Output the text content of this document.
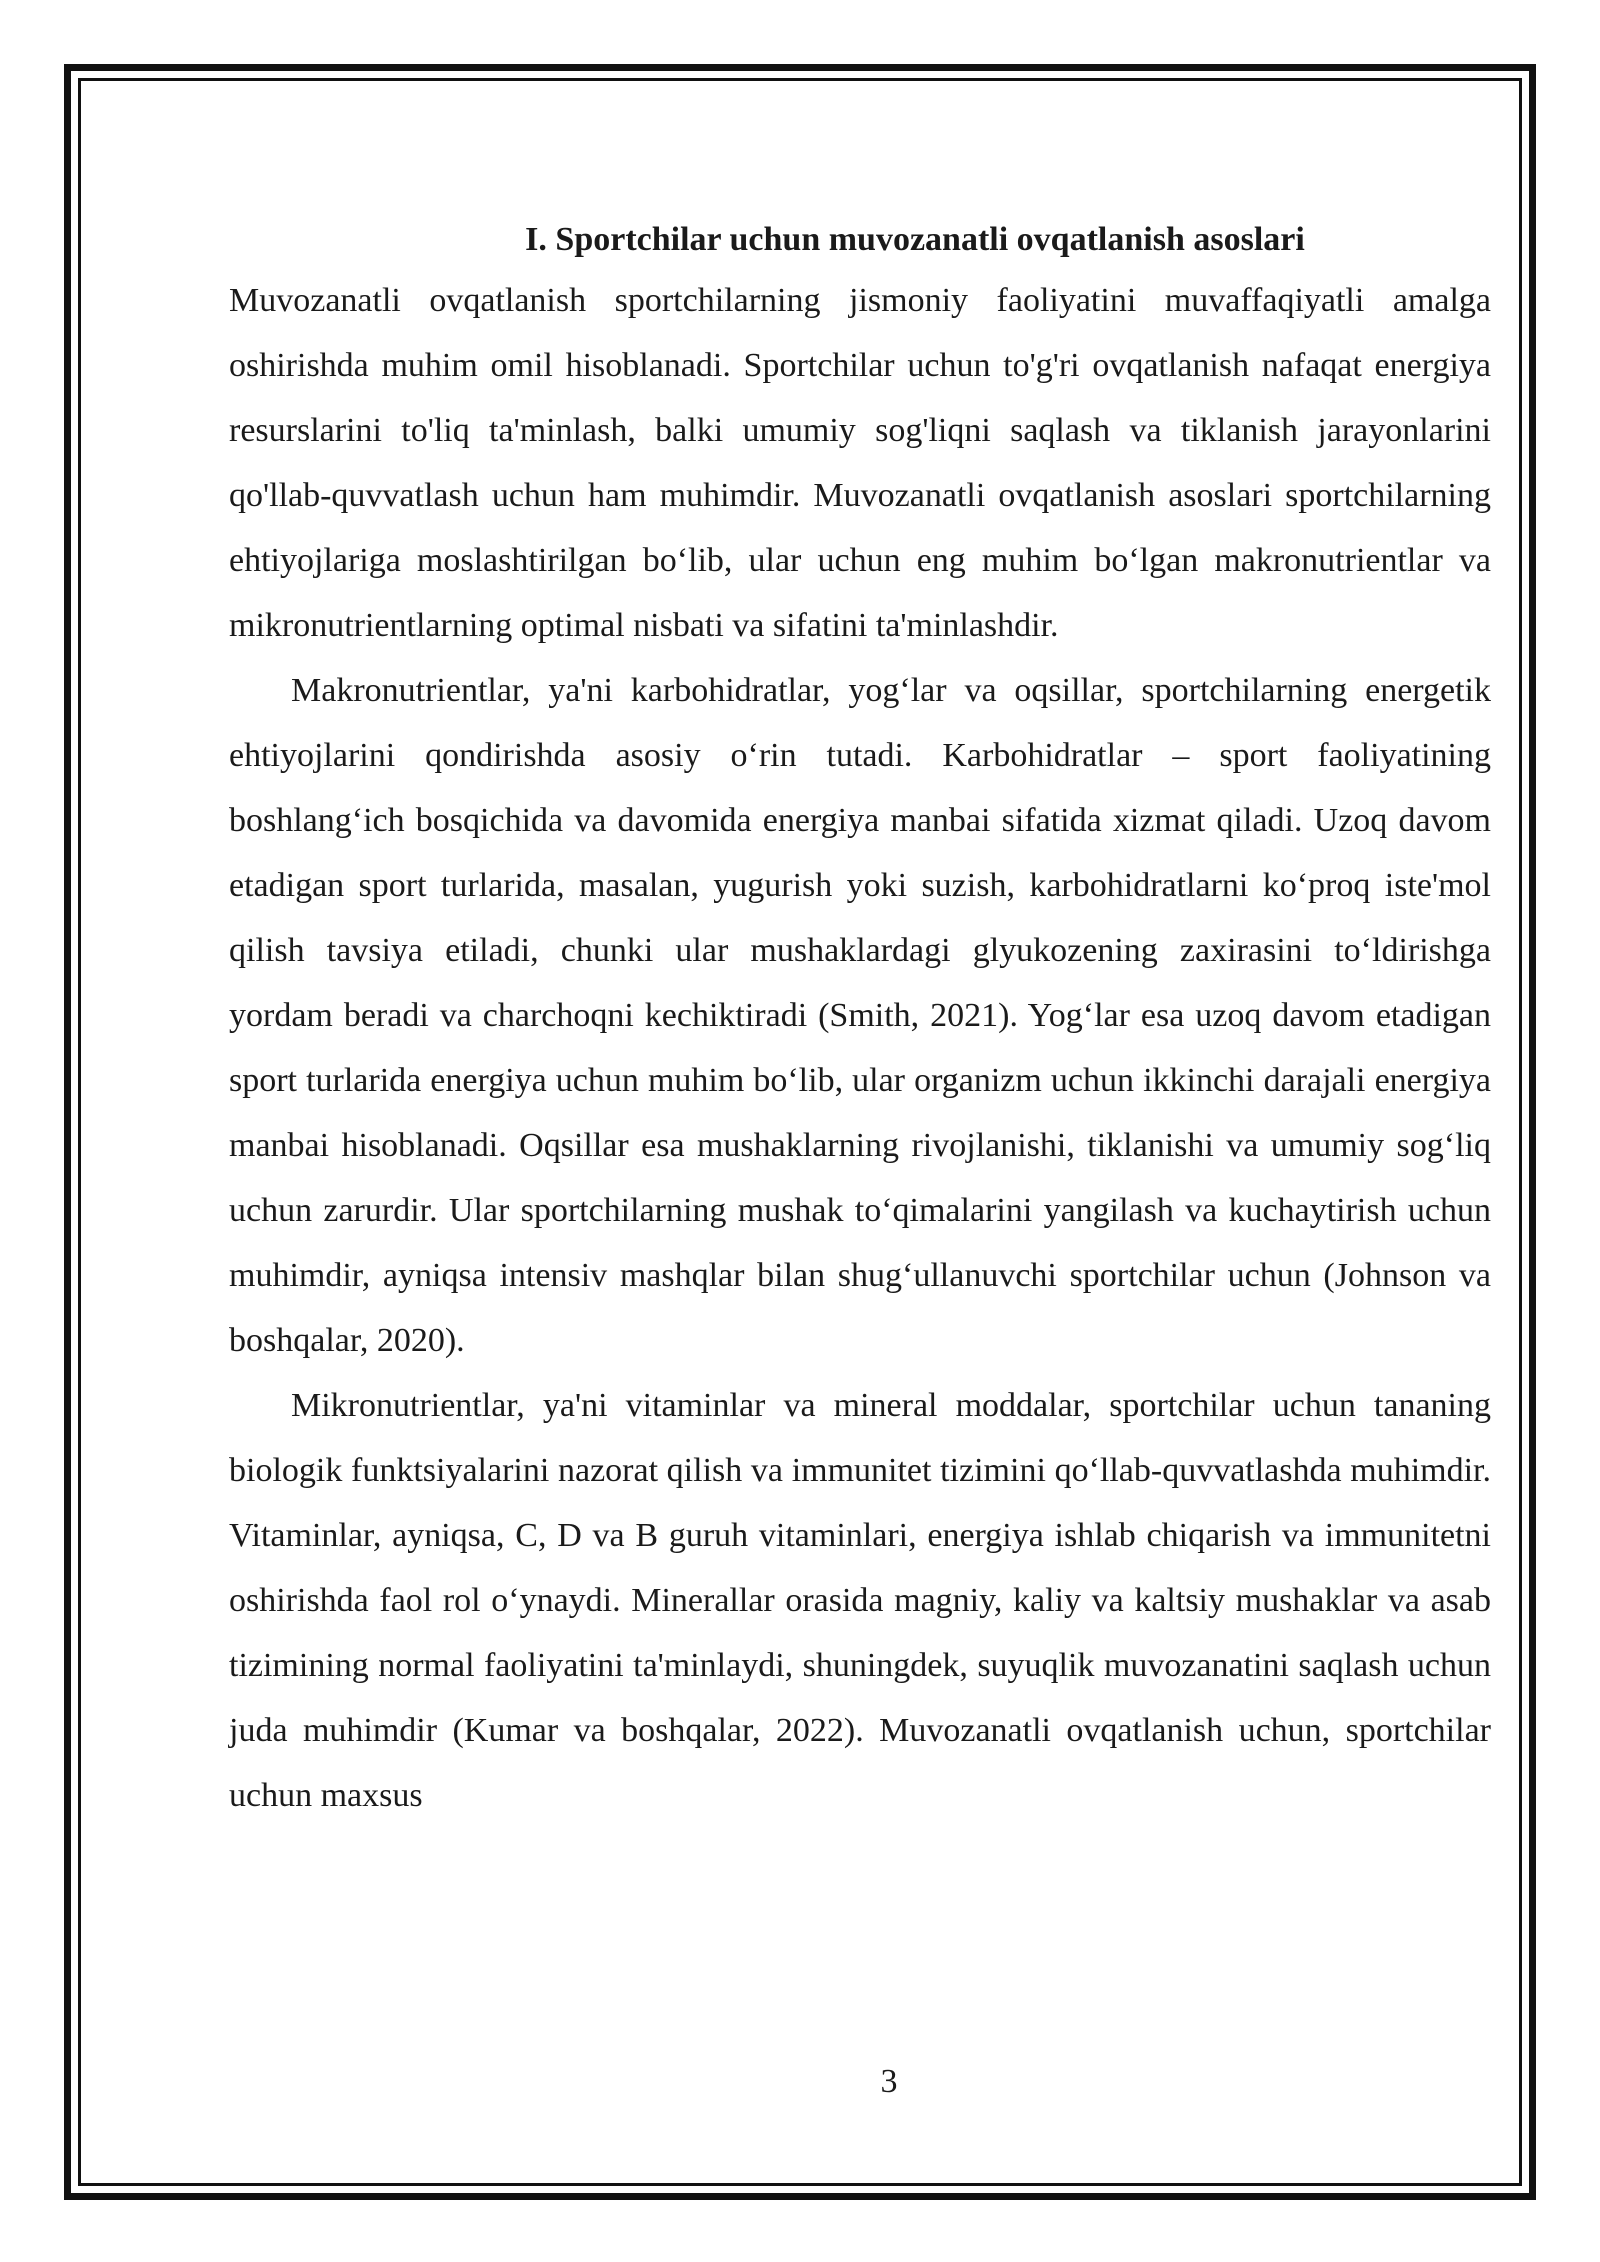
I. Sportchilar uchun muvozanatli ovqatlanish asoslari

Muvozanatli ovqatlanish sportchilarning jismoniy faoliyatini muvaffaqiyatli amalga oshirishda muhim omil hisoblanadi. Sportchilar uchun to'g'ri ovqatlanish nafaqat energiya resurslarini to'liq ta'minlash, balki umumiy sog'liqni saqlash va tiklanish jarayonlarini qo'llab-quvvatlash uchun ham muhimdir. Muvozanatli ovqatlanish asoslari sportchilarning ehtiyojlariga moslashtirilgan bo‘lib, ular uchun eng muhim bo‘lgan makronutrientlar va mikronutrientlarning optimal nisbati va sifatini ta'minlashdir.

Makronutrientlar, ya'ni karbohidratlar, yog‘lar va oqsillar, sportchilarning energetik ehtiyojlarini qondirishda asosiy o‘rin tutadi. Karbohidratlar – sport faoliyatining boshlang‘ich bosqichida va davomida energiya manbai sifatida xizmat qiladi. Uzoq davom etadigan sport turlarida, masalan, yugurish yoki suzish, karbohidratlarni ko‘proq iste'mol qilish tavsiya etiladi, chunki ular mushaklardagi glyukozening zaxirasini to‘ldirishga yordam beradi va charchoqni kechiktiradi (Smith, 2021). Yog‘lar esa uzoq davom etadigan sport turlarida energiya uchun muhim bo‘lib, ular organizm uchun ikkinchi darajali energiya manbai hisoblanadi. Oqsillar esa mushaklarning rivojlanishi, tiklanishi va umumiy sog‘liq uchun zarurdir. Ular sportchilarning mushak to‘qimalarini yangilash va kuchaytirish uchun muhimdir, ayniqsa intensiv mashqlar bilan shug‘ullanuvchi sportchilar uchun (Johnson va boshqalar, 2020).

Mikronutrientlar, ya'ni vitaminlar va mineral moddalar, sportchilar uchun tananing biologik funktsiyalarini nazorat qilish va immunitet tizimini qo‘llab-quvvatlashda muhimdir. Vitaminlar, ayniqsa, C, D va B guruh vitaminlari, energiya ishlab chiqarish va immunitetni oshirishda faol rol o‘ynaydi. Minerallar orasida magniy, kaliy va kaltsiy mushaklar va asab tizimining normal faoliyatini ta'minlaydi, shuningdek, suyuqlik muvozanatini saqlash uchun juda muhimdir (Kumar va boshqalar, 2022). Muvozanatli ovqatlanish uchun, sportchilar uchun maxsus

3
